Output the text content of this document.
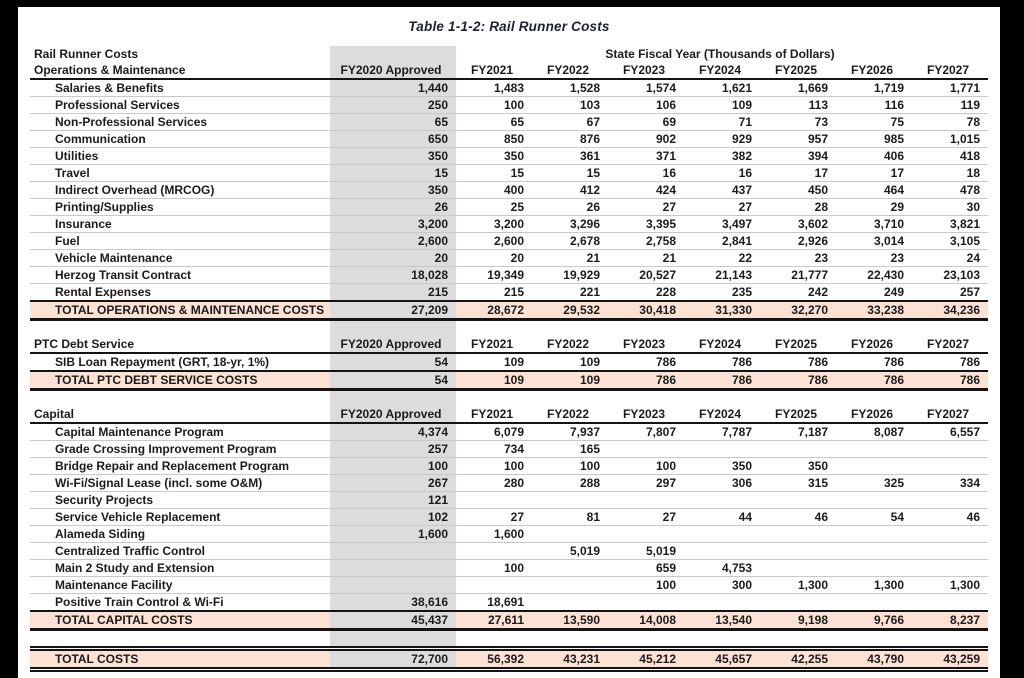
Table 1-1-2: Rail Runner Costs
Rail Runner Costs		State Fiscal Year (Thousands of Dollars)						
Operations & Maintenance	FY2020 Approved	FY2021	FY2022	FY2023	FY2024	FY2025	FY2026	FY2027
Salaries & Benefits	1,440	1,483	1,528	1,574	1,621	1,669	1,719	1,771
Professional Services	250	100	103	106	109	113	116	119
Non-Professional Services	65	65	67	69	71	73	75	78
Communication	650	850	876	902	929	957	985	1,015
Utilities	350	350	361	371	382	394	406	418
Travel	15	15	15	16	16	17	17	18
Indirect Overhead (MRCOG)	350	400	412	424	437	450	464	478
Printing/Supplies	26	25	26	27	27	28	29	30
Insurance	3,200	3,200	3,296	3,395	3,497	3,602	3,710	3,821
Fuel	2,600	2,600	2,678	2,758	2,841	2,926	3,014	3,105
Vehicle Maintenance	20	20	21	21	22	23	23	24
Herzog Transit Contract	18,028	19,349	19,929	20,527	21,143	21,777	22,430	23,103
Rental Expenses	215	215	221	228	235	242	249	257
TOTAL OPERATIONS & MAINTENANCE COSTS	27,209	28,672	29,532	30,418	31,330	32,270	33,238	34,236

PTC Debt Service	FY2020 Approved	FY2021	FY2022	FY2023	FY2024	FY2025	FY2026	FY2027
SIB Loan Repayment (GRT, 18-yr, 1%)	54	109	109	786	786	786	786	786
TOTAL PTC DEBT SERVICE COSTS	54	109	109	786	786	786	786	786

Capital	FY2020 Approved	FY2021	FY2022	FY2023	FY2024	FY2025	FY2026	FY2027
Capital Maintenance Program	4,374	6,079	7,937	7,807	7,787	7,187	8,087	6,557
Grade Crossing Improvement Program	257	734	165					
Bridge Repair and Replacement Program	100	100	100	100	350	350		
Wi-Fi/Signal Lease (incl. some O&M)	267	280	288	297	306	315	325	334
Security Projects	121							
Service Vehicle Replacement	102	27	81	27	44	46	54	46
Alameda Siding	1,600	1,600						
Centralized Traffic Control			5,019	5,019				
Main 2 Study and Extension		100		659	4,753			
Maintenance Facility				100	300	1,300	1,300	1,300
Positive Train Control & Wi-Fi	38,616	18,691						
TOTAL CAPITAL COSTS	45,437	27,611	13,590	14,008	13,540	9,198	9,766	8,237

TOTAL COSTS	72,700	56,392	43,231	45,212	45,657	42,255	43,790	43,259
